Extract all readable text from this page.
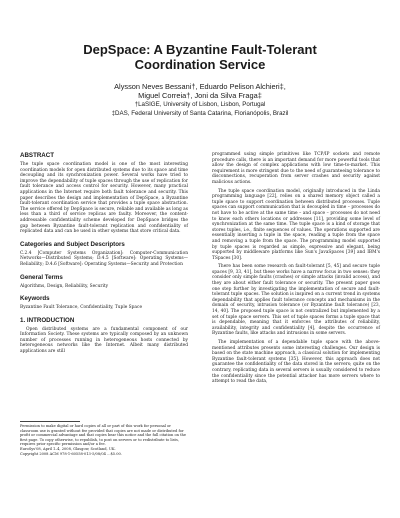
DepSpace: A Byzantine Fault-Tolerant
Coordination Service
Alysson Neves Bessani†, Eduardo Pelison Alchieri‡,
Miguel Correia†, Joni da Silva Fraga‡
†LaSIGE, University of Lisbon, Lisbon, Portugal
‡DAS, Federal University of Santa Catarina, Florianópolis, Brazil
ABSTRACT

The tuple space coordination model is one of the most interesting coordination models for open distributed systems due to its space and time decoupling and its synchronization power. Several works have tried to improve the dependability of tuple spaces through the use of replication for fault tolerance and access control for security. However, many practical applications in the Internet require both fault tolerance and security. This paper describes the design and implementation of DepSpace, a Byzantine fault-tolerant coordination service that provides a tuple space abstraction. The service offered by DepSpace is secure, reliable and available as long as less than a third of service replicas are faulty. Moreover, the content-addressable confidentiality scheme developed for DepSpace bridges the gap between Byzantine fault-tolerant replication and confidentiality of replicated data and can be used in other systems that store critical data.

Categories and Subject Descriptors

C.2.4 [Computer Systems Organization]: Computer-Communication Networks—Distributed Systems; D.4.5 [Software]: Operating Systems—Reliability; D.4.6 [Software]: Operating Systems—Security and Protection

General Terms

Algorithms, Design, Reliability, Security

Keywords

Byzantine Fault Tolerance, Confidentiality, Tuple Space

1. INTRODUCTION

Open distributed systems are a fundamental component of our Information Society. These systems are typically composed by an unknown number of processes running in heterogeneous hosts connected by heterogeneous networks like the Internet. Albeit many distributed applications are still

Permission to make digital or hard copies of all or part of this work for personal or classroom use is granted without fee provided that copies are not made or distributed for profit or commercial advantage and that copies bear this notice and the full citation on the first page. To copy otherwise, to republish, to post on servers or to redistribute to lists, requires prior specific permission and/or a fee.
EuroSys'08, April 1–4, 2008, Glasgow, Scotland, UK.
Copyright 2008 ACM 978-1-60558-013-5/08/04 ...$5.00.

programmed using simple primitives like TCP/IP sockets and remote procedure calls, there is an important demand for more powerful tools that allow the design of complex applications with low time-to-market. This requirement is more stringent due to the need of guaranteeing tolerance to disconnections, recuperation from server crashes and security against malicious actions.

The tuple space coordination model, originally introduced in the Linda programming language [22], relies on a shared memory object called a tuple space to support coordination between distributed processes. Tuple spaces can support communication that is decoupled in time – processes do not have to be active at the same time – and space – processes do not need to know each others locations or addresses [11], providing some level of synchronization at the same time. The tuple space is a kind of storage that stores tuples, i.e., finite sequences of values. The operations supported are essentially inserting a tuple in the space, reading a tuple from the space and removing a tuple from the space. The programming model supported by tuple spaces is regarded as simple, expressive and elegant, being supported by middleware platforms like Sun's JavaSpaces [39] and IBM's TSpaces [30].

There has been some research on fault-tolerant [5, 45] and secure tuple spaces [9, 33, 41], but these works have a narrow focus in two senses: they consider only simple faults (crashes) or simple attacks (invalid access), and they are about either fault tolerance or security. The present paper goes one step further by investigating the implementation of secure and fault-tolerant tuple spaces. The solution is inspired on a current trend in systems dependability that applies fault tolerance concepts and mechanisms in the domain of security, intrusion tolerance (or Byzantine fault tolerance) [23, 14, 40]. The proposed tuple space is not centralized but implemented by a set of tuple space servers. This set of tuple spaces forms a tuple space that is dependable, meaning that it enforces the attributes of reliability, availability, integrity and confidentiality [4], despite the occurrence of Byzantine faults, like attacks and intrusions in some servers.

The implementation of a dependable tuple space with the above-mentioned attributes presents some interesting challenges. Our design is based on the state machine approach, a classical solution for implementing Byzantine fault-tolerant systems [35]. However, this approach does not guarantee the confidentiality of the data stored in the servers; quite on the contrary, replicating data in several servers is usually considered to reduce the confidentiality since the potential attacker has more servers where to attempt to read the data,
